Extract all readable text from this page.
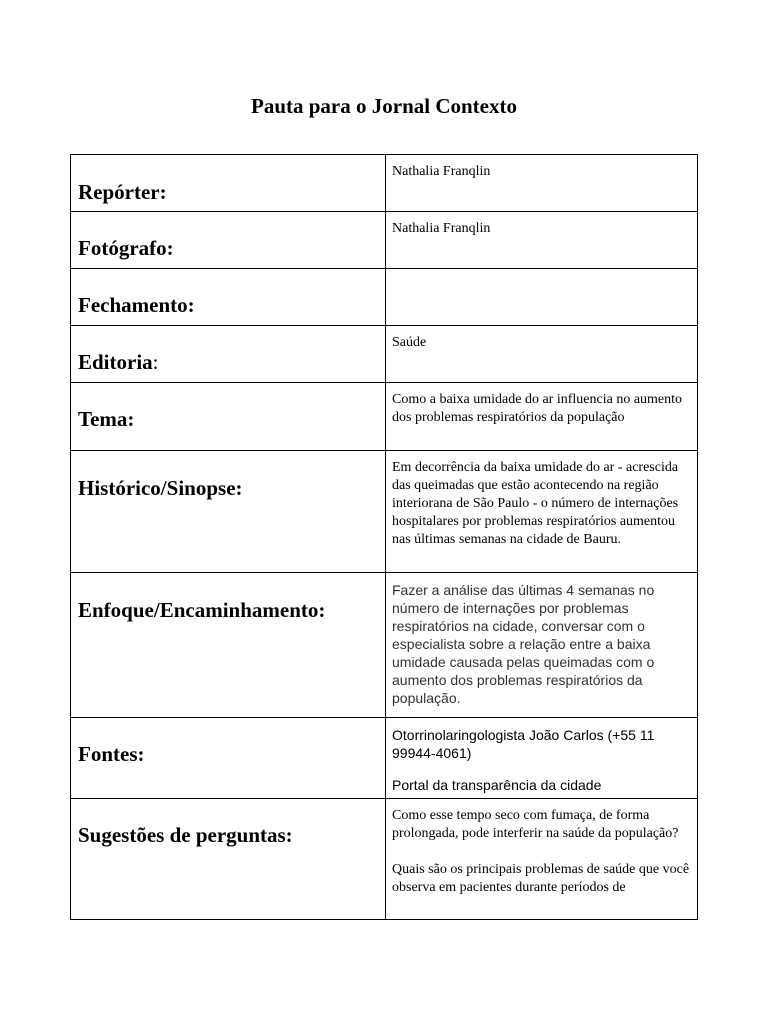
Pauta para o Jornal Contexto
Repórter:	Nathalia Franqlin

Fotógrafo:	Nathalia Franqlin

Fechamento:	

Editoria:	Saúde

Tema:	Como a baixa umidade do ar influencia no aumento dos problemas respiratórios da população

Histórico/Sinopse:	Em decorrência da baixa umidade do ar - acrescida das queimadas que estão acontecendo na região interiorana de São Paulo - o número de internações hospitalares por problemas respiratórios aumentou nas últimas semanas na cidade de Bauru.

Enfoque/Encaminhamento:	Fazer a análise das últimas 4 semanas no número de internações por problemas respiratórios na cidade, conversar com o especialista sobre a relação entre a baixa umidade causada pelas queimadas com o aumento dos problemas respiratórios da população.

Fontes:	Otorrinolaringologista João Carlos (+55 11 99944-4061)
Portal da transparência da cidade

Sugestões de perguntas:	Como esse tempo seco com fumaça, de forma prolongada, pode interferir na saúde da população?
Quais são os principais problemas de saúde que você observa em pacientes durante períodos de
